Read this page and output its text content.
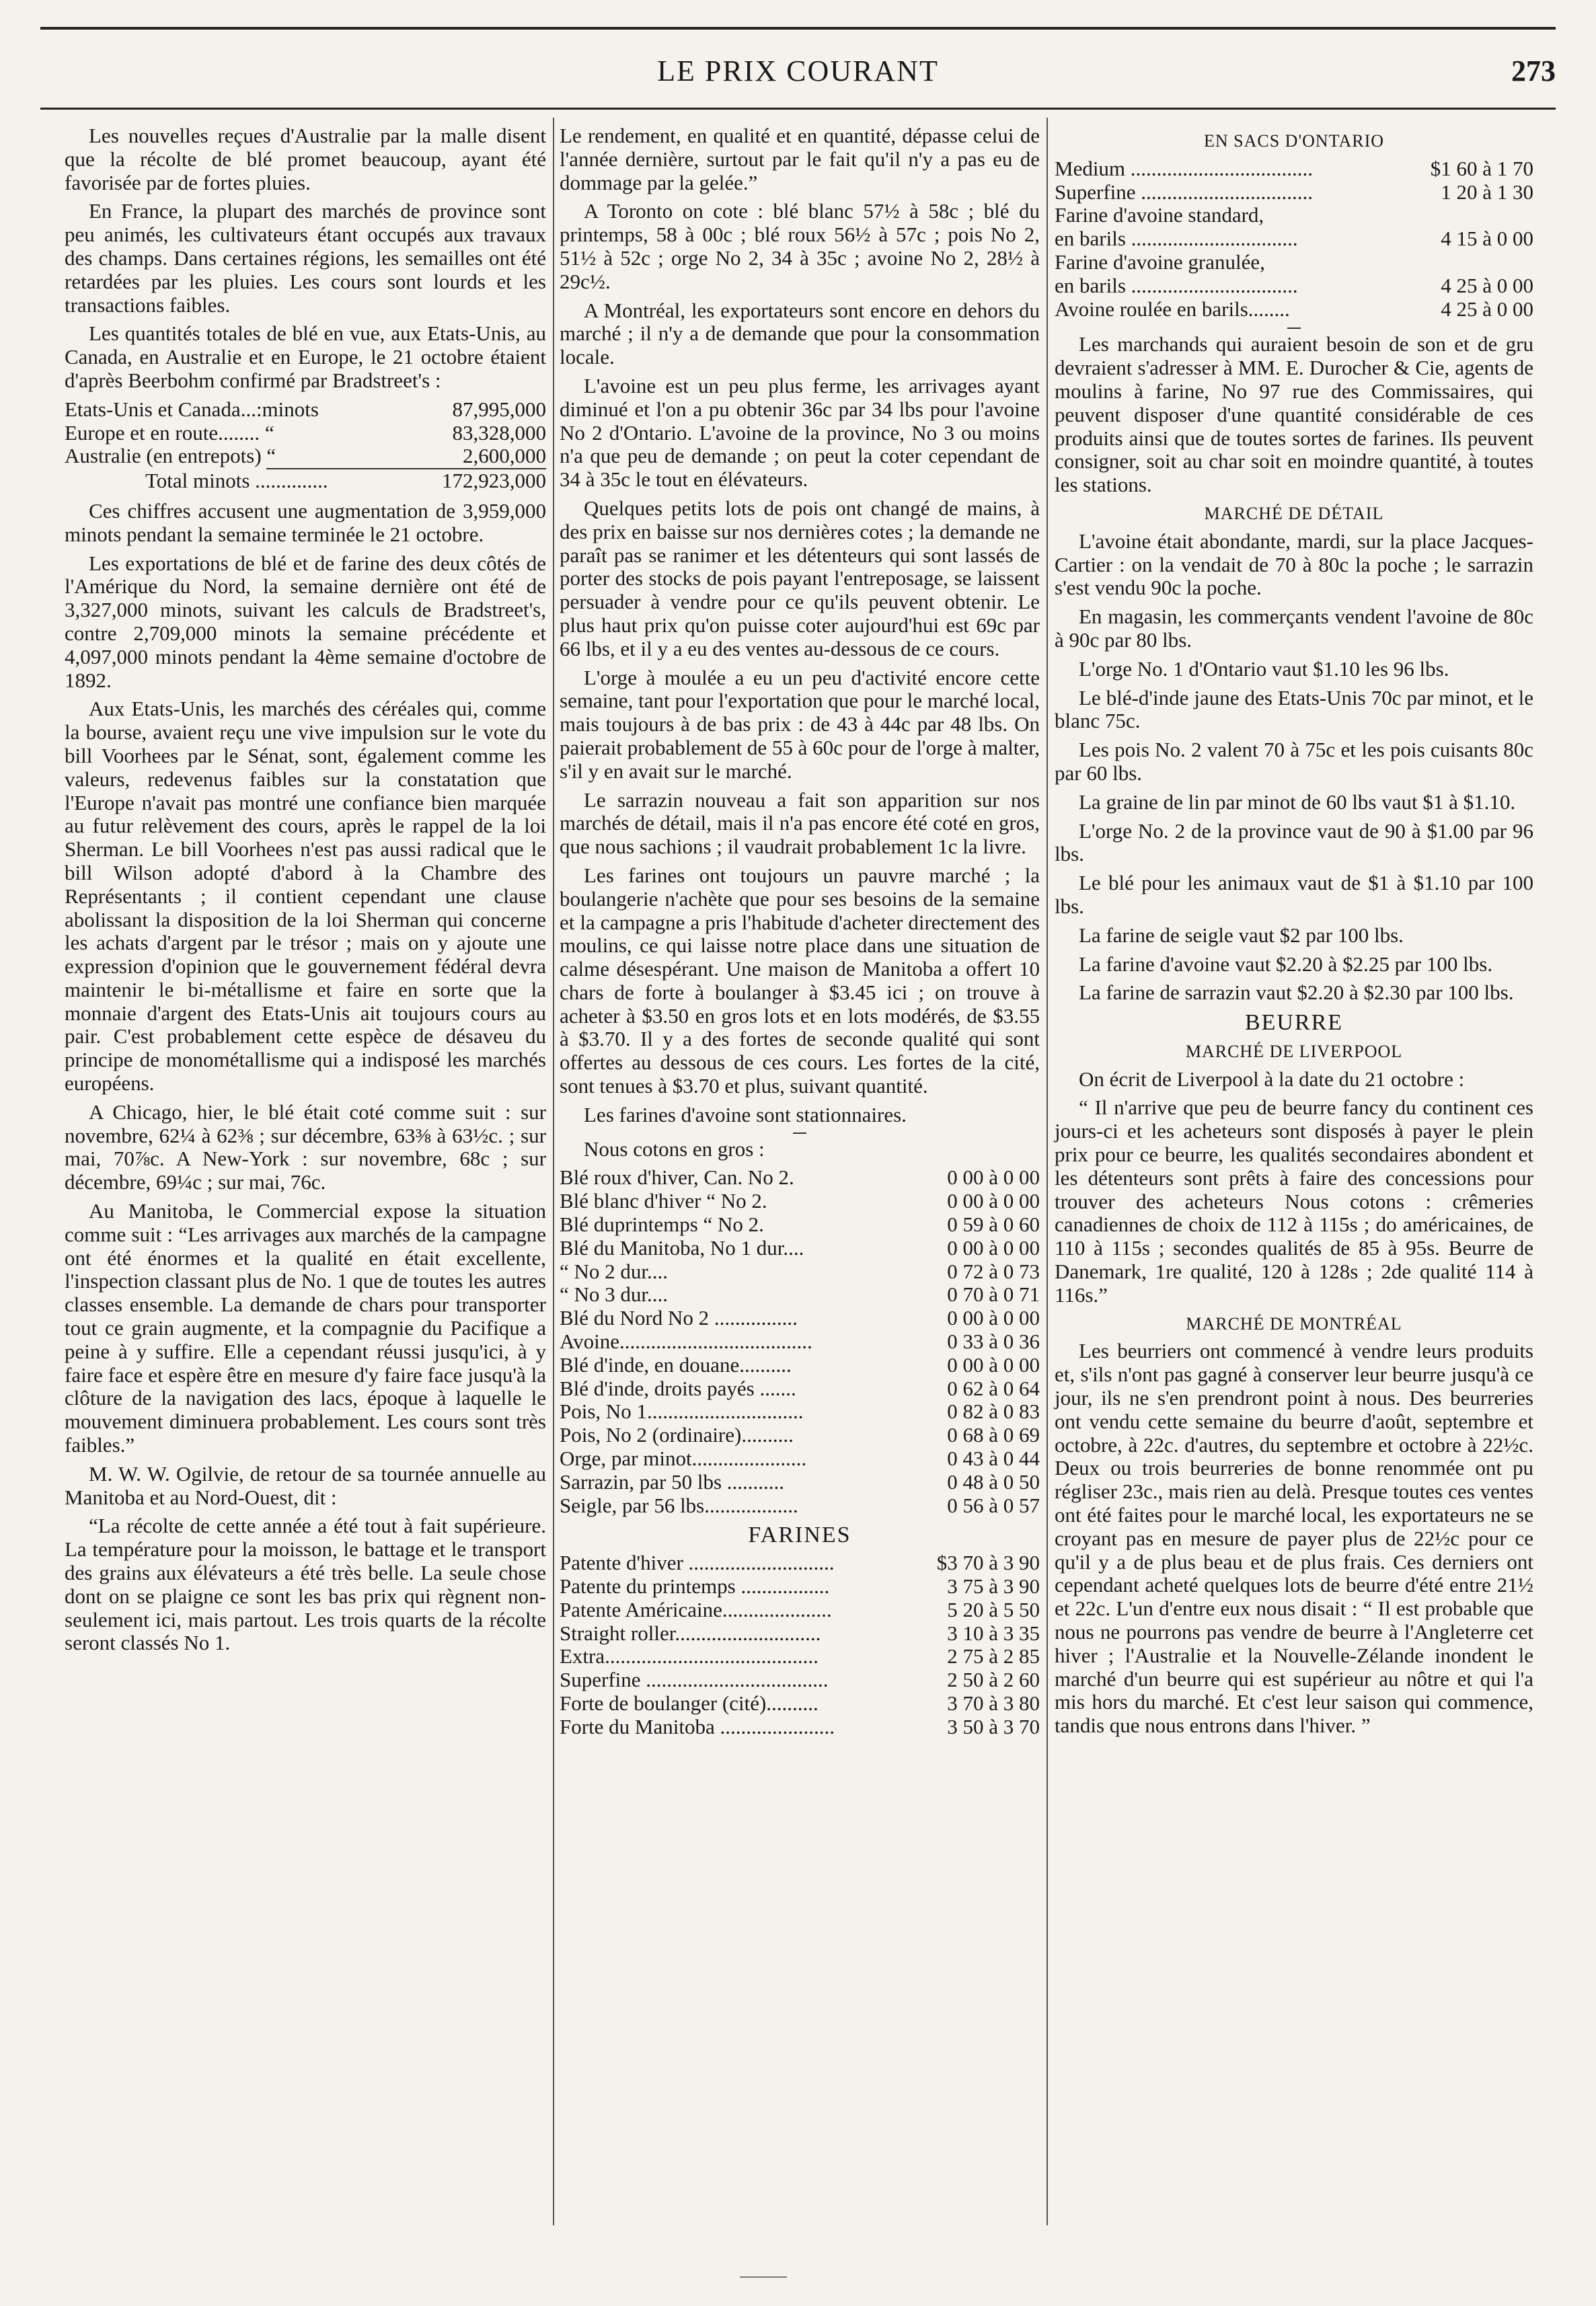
LE PRIX COURANT	273

Les nouvelles reçues d'Australie par la malle disent que la récolte de blé promet beaucoup, ayant été favorisée par de fortes pluies.

En France, la plupart des marchés de province sont peu animés, les cultivateurs étant occupés aux travaux des champs. Dans certaines régions, les semailles ont été retardées par les pluies. Les cours sont lourds et les transactions faibles.

Les quantités totales de blé en vue, aux Etats-Unis, au Canada, en Australie et en Europe, le 21 octobre étaient d'après Beerbohm confirmé par Bradstreet's :

Etats-Unis et Canada...:minots	87,995,000
Europe et en route........ “	83,328,000
Australie (en entrepots) “	2,600,000
Total minots ..............	172,923,000

Ces chiffres accusent une augmentation de 3,959,000 minots pendant la semaine terminée le 21 octobre.

Les exportations de blé et de farine des deux côtés de l'Amérique du Nord, la semaine dernière ont été de 3,327,000 minots, suivant les calculs de Bradstreet's, contre 2,709,000 minots la semaine précédente et 4,097,000 minots pendant la 4ème semaine d'octobre de 1892.

Aux Etats-Unis, les marchés des céréales qui, comme la bourse, avaient reçu une vive impulsion sur le vote du bill Voorhees par le Sénat, sont, également comme les valeurs, redevenus faibles sur la constatation que l'Europe n'avait pas montré une confiance bien marquée au futur relèvement des cours, après le rappel de la loi Sherman. Le bill Voorhees n'est pas aussi radical que le bill Wilson adopté d'abord à la Chambre des Représentants ; il contient cependant une clause abolissant la disposition de la loi Sherman qui concerne les achats d'argent par le trésor ; mais on y ajoute une expression d'opinion que le gouvernement fédéral devra maintenir le bi-métallisme et faire en sorte que la monnaie d'argent des Etats-Unis ait toujours cours au pair. C'est probablement cette espèce de désaveu du principe de monométallisme qui a indisposé les marchés européens.

A Chicago, hier, le blé était coté comme suit : sur novembre, 62¼ à 62⅜ ; sur décembre, 63⅜ à 63½c. ; sur mai, 70⅞c. A New-York : sur novembre, 68c ; sur décembre, 69¼c ; sur mai, 76c.

Au Manitoba, le Commercial expose la situation comme suit : “Les arrivages aux marchés de la campagne ont été énormes et la qualité en était excellente, l'inspection classant plus de No. 1 que de toutes les autres classes ensemble. La demande de chars pour transporter tout ce grain augmente, et la compagnie du Pacifique a peine à y suffire. Elle a cependant réussi jusqu'ici, à y faire face et espère être en mesure d'y faire face jusqu'à la clôture de la navigation des lacs, époque à laquelle le mouvement diminuera probablement. Les cours sont très faibles.”

M. W. W. Ogilvie, de retour de sa tournée annuelle au Manitoba et au Nord-Ouest, dit :

“La récolte de cette année a été tout à fait supérieure. La température pour la moisson, le battage et le transport des grains aux élévateurs a été très belle. La seule chose dont on se plaigne ce sont les bas prix qui règnent non-seulement ici, mais partout. Les trois quarts de la récolte seront classés No 1.

Le rendement, en qualité et en quantité, dépasse celui de l'année dernière, surtout par le fait qu'il n'y a pas eu de dommage par la gelée.”

A Toronto on cote : blé blanc 57½ à 58c ; blé du printemps, 58 à 00c ; blé roux 56½ à 57c ; pois No 2, 51½ à 52c ; orge No 2, 34 à 35c ; avoine No 2, 28½ à 29c½.

A Montréal, les exportateurs sont encore en dehors du marché ; il n'y a de demande que pour la consommation locale.

L'avoine est un peu plus ferme, les arrivages ayant diminué et l'on a pu obtenir 36c par 34 lbs pour l'avoine No 2 d'Ontario. L'avoine de la province, No 3 ou moins n'a que peu de demande ; on peut la coter cependant de 34 à 35c le tout en élévateurs.

Quelques petits lots de pois ont changé de mains, à des prix en baisse sur nos dernières cotes ; la demande ne paraît pas se ranimer et les détenteurs qui sont lassés de porter des stocks de pois payant l'entreposage, se laissent persuader à vendre pour ce qu'ils peuvent obtenir. Le plus haut prix qu'on puisse coter aujourd'hui est 69c par 66 lbs, et il y a eu des ventes au-dessous de ce cours.

L'orge à moulée a eu un peu d'activité encore cette semaine, tant pour l'exportation que pour le marché local, mais toujours à de bas prix : de 43 à 44c par 48 lbs. On paierait probablement de 55 à 60c pour de l'orge à malter, s'il y en avait sur le marché.

Le sarrazin nouveau a fait son apparition sur nos marchés de détail, mais il n'a pas encore été coté en gros, que nous sachions ; il vaudrait probablement 1c la livre.

Les farines ont toujours un pauvre marché ; la boulangerie n'achète que pour ses besoins de la semaine et la campagne a pris l'habitude d'acheter directement des moulins, ce qui laisse notre place dans une situation de calme désespérant. Une maison de Manitoba a offert 10 chars de forte à boulanger à $3.45 ici ; on trouve à acheter à $3.50 en gros lots et en lots modérés, de $3.55 à $3.70. Il y a des fortes de seconde qualité qui sont offertes au dessous de ces cours. Les fortes de la cité, sont tenues à $3.70 et plus, suivant quantité.

Les farines d'avoine sont stationnaires.

Nous cotons en gros :

Blé roux d'hiver, Can. No 2.	0 00 à 0 00
Blé blanc d'hiver “ No 2.	0 00 à 0 00
Blé duprintemps “ No 2.	0 59 à 0 60
Blé du Manitoba, No 1 dur....	0 00 à 0 00
“ No 2 dur....	0 72 à 0 73
“ No 3 dur....	0 70 à 0 71
Blé du Nord No 2 ................	0 00 à 0 00
Avoine.....................................	0 33 à 0 36
Blé d'inde, en douane..........	0 00 à 0 00
Blé d'inde, droits payés .......	0 62 à 0 64
Pois, No 1..............................	0 82 à 0 83
Pois, No 2 (ordinaire)..........	0 68 à 0 69
Orge, par minot......................	0 43 à 0 44
Sarrazin, par 50 lbs ...........	0 48 à 0 50
Seigle, par 56 lbs..................	0 56 à 0 57
FARINES
Patente d'hiver ............................	$3 70 à 3 90
Patente du printemps .................	3 75 à 3 90
Patente Américaine.....................	5 20 à 5 50
Straight roller............................	3 10 à 3 35
Extra.........................................	2 75 à 2 85
Superfine ...................................	2 50 à 2 60
Forte de boulanger (cité)..........	3 70 à 3 80
Forte du Manitoba ......................	3 50 à 3 70
EN SACS D'ONTARIO
Medium ...................................	$1 60 à 1 70
Superfine .................................	1 20 à 1 30
Farine d'avoine standard,
en barils ................................	4 15 à 0 00
Farine d'avoine granulée,
en barils ................................	4 25 à 0 00
Avoine roulée en barils........	4 25 à 0 00

Les marchands qui auraient besoin de son et de gru devraient s'adresser à MM. E. Durocher & Cie, agents de moulins à farine, No 97 rue des Commissaires, qui peuvent disposer d'une quantité considérable de ces produits ainsi que de toutes sortes de farines. Ils peuvent consigner, soit au char soit en moindre quantité, à toutes les stations.

MARCHÉ DE DÉTAIL

L'avoine était abondante, mardi, sur la place Jacques-Cartier : on la vendait de 70 à 80c la poche ; le sarrazin s'est vendu 90c la poche.

En magasin, les commerçants vendent l'avoine de 80c à 90c par 80 lbs.

L'orge No. 1 d'Ontario vaut $1.10 les 96 lbs.

Le blé-d'inde jaune des Etats-Unis 70c par minot, et le blanc 75c.

Les pois No. 2 valent 70 à 75c et les pois cuisants 80c par 60 lbs.

La graine de lin par minot de 60 lbs vaut $1 à $1.10.

L'orge No. 2 de la province vaut de 90 à $1.00 par 96 lbs.

Le blé pour les animaux vaut de $1 à $1.10 par 100 lbs.

La farine de seigle vaut $2 par 100 lbs.

La farine d'avoine vaut $2.20 à $2.25 par 100 lbs.

La farine de sarrazin vaut $2.20 à $2.30 par 100 lbs.

BEURRE
MARCHÉ DE LIVERPOOL

On écrit de Liverpool à la date du 21 octobre :

“ Il n'arrive que peu de beurre fancy du continent ces jours-ci et les acheteurs sont disposés à payer le plein prix pour ce beurre, les qualités secondaires abondent et les détenteurs sont prêts à faire des concessions pour trouver des acheteurs Nous cotons : crêmeries canadiennes de choix de 112 à 115s ; do américaines, de 110 à 115s ; secondes qualités de 85 à 95s. Beurre de Danemark, 1re qualité, 120 à 128s ; 2de qualité 114 à 116s.”

MARCHÉ DE MONTRÉAL

Les beurriers ont commencé à vendre leurs produits et, s'ils n'ont pas gagné à conserver leur beurre jusqu'à ce jour, ils ne s'en prendront point à nous. Des beurreries ont vendu cette semaine du beurre d'août, septembre et octobre, à 22c. d'autres, du septembre et octobre à 22½c. Deux ou trois beurreries de bonne renommée ont pu régliser 23c., mais rien au delà. Presque toutes ces ventes ont été faites pour le marché local, les exportateurs ne se croyant pas en mesure de payer plus de 22½c pour ce qu'il y a de plus beau et de plus frais. Ces derniers ont cependant acheté quelques lots de beurre d'été entre 21½ et 22c. L'un d'entre eux nous disait : “ Il est probable que nous ne pourrons pas vendre de beurre à l'Angleterre cet hiver ; l'Australie et la Nouvelle-Zélande inondent le marché d'un beurre qui est supérieur au nôtre et qui l'a mis hors du marché. Et c'est leur saison qui commence, tandis que nous entrons dans l'hiver. ”
